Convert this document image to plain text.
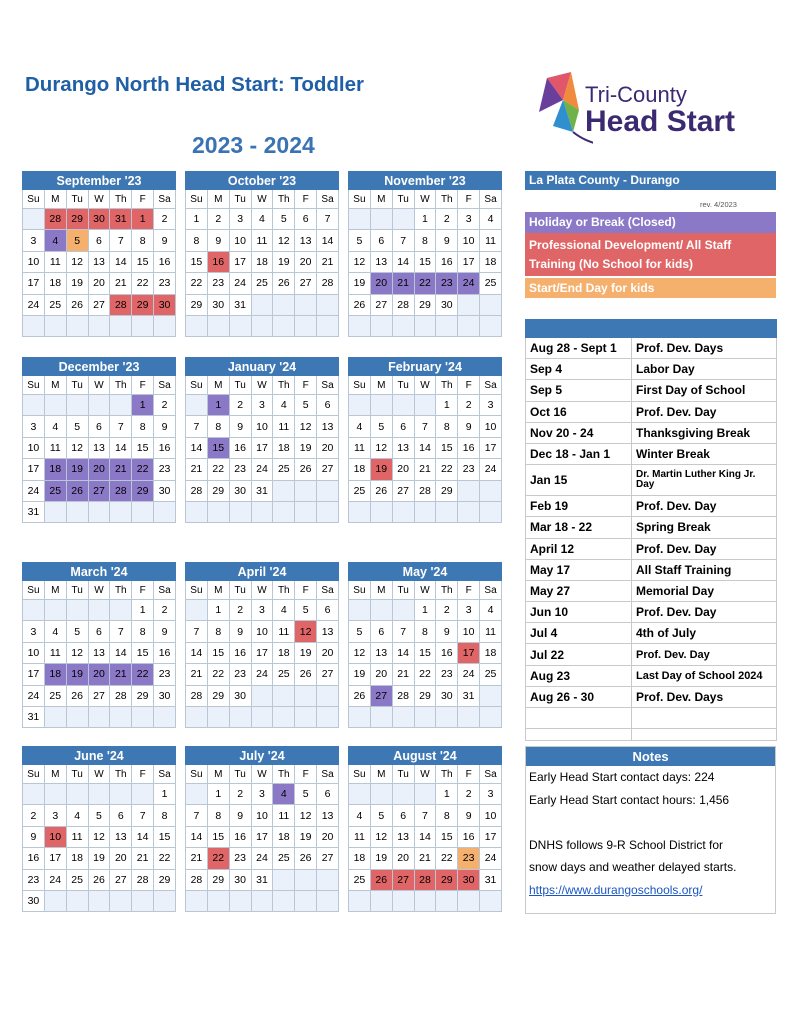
Durango North Head Start: Toddler
2023 - 2024
Tri-County
Head Start
September '23						
Su	M	Tu	W	Th	F	Sa
	28	29	30	31	1	2
3	4	5	6	7	8	9
10	11	12	13	14	15	16
17	18	19	20	21	22	23
24	25	26	27	28	29	30

October '23						
Su	M	Tu	W	Th	F	Sa
1	2	3	4	5	6	7
8	9	10	11	12	13	14
15	16	17	18	19	20	21
22	23	24	25	26	27	28
29	30	31				

November '23						
Su	M	Tu	W	Th	F	Sa
			1	2	3	4
5	6	7	8	9	10	11
12	13	14	15	16	17	18
19	20	21	22	23	24	25
26	27	28	29	30		

December '23						
Su	M	Tu	W	Th	F	Sa
					1	2
3	4	5	6	7	8	9
10	11	12	13	14	15	16
17	18	19	20	21	22	23
24	25	26	27	28	29	30
31						
January '24						
Su	M	Tu	W	Th	F	Sa
	1	2	3	4	5	6
7	8	9	10	11	12	13
14	15	16	17	18	19	20
21	22	23	24	25	26	27
28	29	30	31			

February '24						
Su	M	Tu	W	Th	F	Sa
				1	2	3
4	5	6	7	8	9	10
11	12	13	14	15	16	17
18	19	20	21	22	23	24
25	26	27	28	29		

March '24						
Su	M	Tu	W	Th	F	Sa
					1	2
3	4	5	6	7	8	9
10	11	12	13	14	15	16
17	18	19	20	21	22	23
24	25	26	27	28	29	30
31						
April '24						
Su	M	Tu	W	Th	F	Sa
	1	2	3	4	5	6
7	8	9	10	11	12	13
14	15	16	17	18	19	20
21	22	23	24	25	26	27
28	29	30				

May '24						
Su	M	Tu	W	Th	F	Sa
			1	2	3	4
5	6	7	8	9	10	11
12	13	14	15	16	17	18
19	20	21	22	23	24	25
26	27	28	29	30	31	

June '24						
Su	M	Tu	W	Th	F	Sa
						1
2	3	4	5	6	7	8
9	10	11	12	13	14	15
16	17	18	19	20	21	22
23	24	25	26	27	28	29
30						
July '24						
Su	M	Tu	W	Th	F	Sa
	1	2	3	4	5	6
7	8	9	10	11	12	13
14	15	16	17	18	19	20
21	22	23	24	25	26	27
28	29	30	31			

August '24						
Su	M	Tu	W	Th	F	Sa
				1	2	3
4	5	6	7	8	9	10
11	12	13	14	15	16	17
18	19	20	21	22	23	24
25	26	27	28	29	30	31

La Plata County - Durango
rev. 4/2023
Holiday or Break (Closed)
Professional Development/ All Staff
Training (No School for kids)
Start/End Day for kids

Aug 28 - Sept 1	Prof. Dev. Days
Sep 4	Labor Day
Sep 5	First Day of School
Oct 16	Prof. Dev. Day
Nov 20 - 24	Thanksgiving Break
Dec 18 - Jan 1	Winter Break
Jan 15	Dr. Martin Luther King Jr. Day
Feb 19	Prof. Dev. Day
Mar 18 - 22	Spring Break
April 12	Prof. Dev. Day
May 17	All Staff Training
May 27	Memorial Day
Jun 10	Prof. Dev. Day
Jul 4	4th of July
Jul 22	Prof. Dev. Day
Aug 23	Last Day of School 2024
Aug 26 - 30	Prof. Dev. Days

Notes

Early Head Start contact days: 224

Early Head Start contact hours: 1,456

DNHS follows 9-R School District for

snow days and weather delayed starts.

https://www.durangoschools.org/
